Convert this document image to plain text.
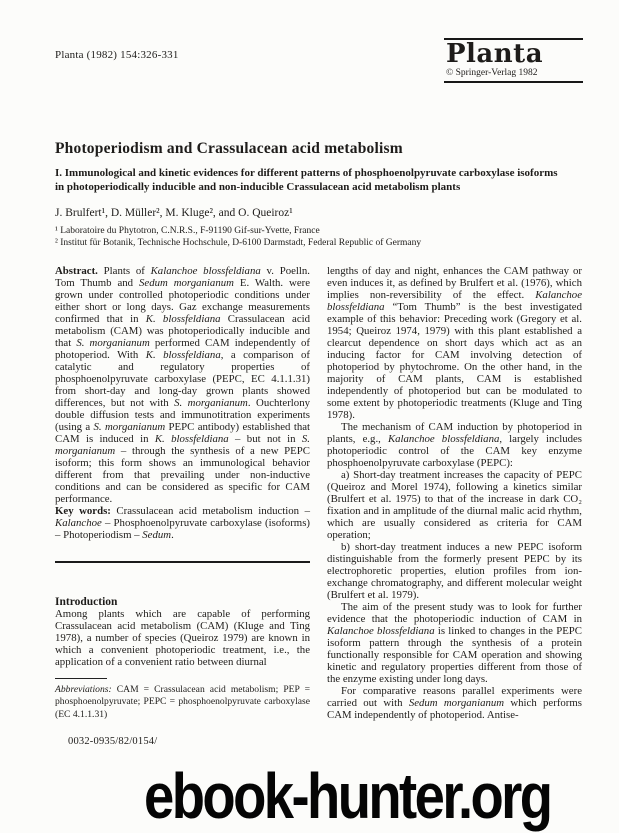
Planta (1982) 154:326-331	Planta
© Springer-Verlag 1982
Photoperiodism and Crassulacean acid metabolism
I. Immunological and kinetic evidences for different patterns of phosphoenolpyruvate carboxylase isoforms
in photoperiodically inducible and non-inducible Crassulacean acid metabolism plants
J. Brulfert¹, D. Müller², M. Kluge², and O. Queiroz¹
¹ Laboratoire du Phytotron, C.N.R.S., F-91190 Gif-sur-Yvette, France
² Institut für Botanik, Technische Hochschule, D-6100 Darmstadt, Federal Republic of Germany

Abstract. Plants of Kalanchoe blossfeldiana v. Poelln. Tom Thumb and Sedum morganianum E. Walth. were grown under controlled photoperiodic conditions under either short or long days. Gaz exchange measurements confirmed that in K. blossfeldiana Crassulacean acid metabolism (CAM) was photoperiodically inducible and that S. morganianum performed CAM independently of photoperiod. With K. blossfeldiana, a comparison of catalytic and regulatory properties of phosphoenolpyruvate carboxylase (PEPC, EC 4.1.1.31) from short-day and long-day grown plants showed differences, but not with S. morganianum. Ouchterlony double diffusion tests and immunotitration experiments (using a S. morganianum PEPC antibody) established that CAM is induced in K. blossfeldiana – but not in S. morganianum – through the synthesis of a new PEPC isoform; this form shows an immunological behavior different from that prevailing under non-inductive conditions and can be considered as specific for CAM performance.

Key words: Crassulacean acid metabolism induction – Kalanchoe – Phosphoenolpyruvate carboxylase (isoforms) – Photoperiodism – Sedum.

Introduction

Among plants which are capable of performing Crassulacean acid metabolism (CAM) (Kluge and Ting 1978), a number of species (Queiroz 1979) are known in which a convenient photoperiodic treatment, i.e., the application of a convenient ratio between diurnal

Abbreviations: CAM = Crassulacean acid metabolism; PEP = phosphoenolpyruvate; PEPC = phosphoenolpyruvate carboxylase (EC 4.1.1.31)

0032-0935/82/0154/

lengths of day and night, enhances the CAM pathway or even induces it, as defined by Brulfert et al. (1976), which implies non-reversibility of the effect. Kalanchoe blossfeldiana “Tom Thumb” is the best investigated example of this behavior: Preceding work (Gregory et al. 1954; Queiroz 1974, 1979) with this plant established a clearcut dependence on short days which act as an inducing factor for CAM involving detection of photoperiod by phytochrome. On the other hand, in the majority of CAM plants, CAM is established independently of photoperiod but can be modulated to some extent by photoperiodic treatments (Kluge and Ting 1978).

The mechanism of CAM induction by photoperiod in plants, e.g., Kalanchoe blossfeldiana, largely includes photoperiodic control of the CAM key enzyme phosphoenolpyruvate carboxylase (PEPC):

a) Short-day treatment increases the capacity of PEPC (Queiroz and Morel 1974), following a kinetics similar (Brulfert et al. 1975) to that of the increase in dark CO₂ fixation and in amplitude of the diurnal malic acid rhythm, which are usually considered as criteria for CAM operation;

b) short-day treatment induces a new PEPC isoform distinguishable from the formerly present PEPC by its electrophoretic properties, elution profiles from ion-exchange chromatography, and different molecular weight (Brulfert et al. 1979).

The aim of the present study was to look for further evidence that the photoperiodic induction of CAM in Kalanchoe blossfeldiana is linked to changes in the PEPC isoform pattern through the synthesis of a protein functionally responsible for CAM operation and showing kinetic and regulatory properties different from those of the enzyme existing under long days.

For comparative reasons parallel experiments were carried out with Sedum morganianum which performs CAM independently of photoperiod. Antise-

ebook-hunter.org
